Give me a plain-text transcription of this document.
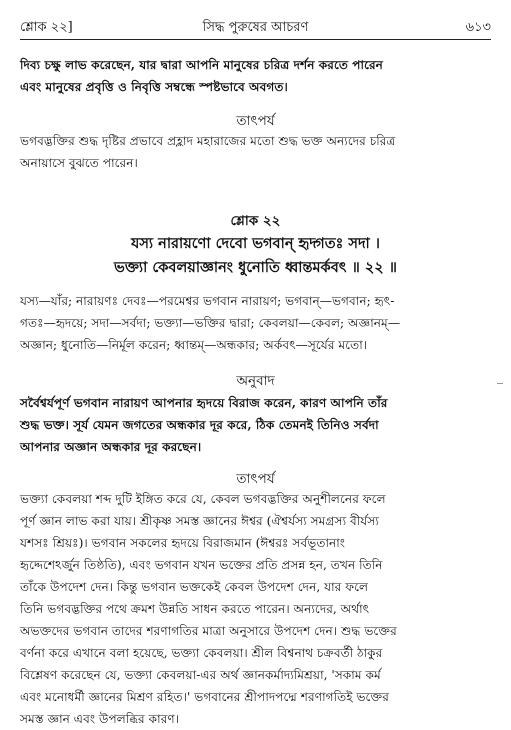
শ্লোক ২২]	সিদ্ধ পুরুষের আচরণ	৬১৩
দিব্য চক্ষু লাভ করেছেন, যার দ্বারা আপনি মানুষের চরিত্র দর্শন করতে পারেন
এবং মানুষের প্রবৃত্তি ও নিবৃত্তি সম্বন্ধে স্পষ্টভাবে অবগত।
তাৎপর্য
ভগবদ্ভক্তির শুদ্ধ দৃষ্টির প্রভাবে প্রহ্লাদ মহারাজের মতো শুদ্ধ ভক্ত অন্যদের চরিত্র
অনায়াসে বুঝতে পারেন।
শ্লোক ২২
যস্য নারায়ণো দেবো ভগবান্ হৃদ্গতঃ সদা ।
ভক্ত্যা কেবলয়াজ্ঞানং ধুনোতি ধ্বান্তমর্কবৎ ॥ ২২ ॥
যস্য—যাঁর; নারায়ণঃ দেবঃ—পরমেশ্বর ভগবান নারায়ণ; ভগবান্—ভগবান; হৃৎ-
গতঃ—হৃদয়ে; সদা—সর্বদা; ভক্ত্যা—ভক্তির দ্বারা; কেবলয়া—কেবল; অজ্ঞানম্—
অজ্ঞান; ধুনোতি—নির্মূল করেন; ধ্বান্তম্—অন্ধকার; অর্কবৎ—সূর্যের মতো।
অনুবাদ
সর্বৈশ্বর্যপূর্ণ ভগবান নারায়ণ আপনার হৃদয়ে বিরাজ করেন, কারণ আপনি তাঁর
শুদ্ধ ভক্ত। সূর্য যেমন জগতের অন্ধকার দূর করে, ঠিক তেমনই তিনিও সর্বদা
আপনার অজ্ঞান অন্ধকার দূর করছেন।
তাৎপর্য
ভক্ত্যা কেবলয়া শব্দ দুটি ইঙ্গিত করে যে, কেবল ভগবদ্ভক্তির অনুশীলনের ফলে
পূর্ণ জ্ঞান লাভ করা যায়। শ্রীকৃষ্ণ সমস্ত জ্ঞানের ঈশ্বর (ঐশ্বর্যস্য সমগ্রস্য বীর্যস্য
যশসঃ শ্রিয়ঃ)। ভগবান সকলের হৃদয়ে বিরাজমান (ঈশ্বরঃ সর্বভূতানাং
হৃদ্দেশেঽর্জুন তিষ্ঠতি), এবং ভগবান যখন ভক্তের প্রতি প্রসন্ন হন, তখন তিনি
তাঁকে উপদেশ দেন। কিন্তু ভগবান ভক্তকেই কেবল উপদেশ দেন, যার ফলে
তিনি ভগবদ্ভক্তির পথে ক্রমশ উন্নতি সাধন করতে পারেন। অন্যদের, অর্থাৎ
অভক্তদের ভগবান তাদের শরণাগতির মাত্রা অনুসারে উপদেশ দেন। শুদ্ধ ভক্তের
বর্ণনা করে এখানে বলা হয়েছে, ভক্ত্যা কেবলয়া। শ্রীল বিশ্বনাথ চক্রবর্তী ঠাকুর
বিশ্লেষণ করেছেন যে, ভক্ত্যা কেবলয়া-এর অর্থ জ্ঞানকর্মাদ্যমিশ্রয়া, 'সকাম কর্ম
এবং মনোধর্মী জ্ঞানের মিশ্রণ রহিত।' ভগবানের শ্রীপাদপদ্মে শরণাগতিই ভক্তের
সমস্ত জ্ঞান এবং উপলব্ধির কারণ।
